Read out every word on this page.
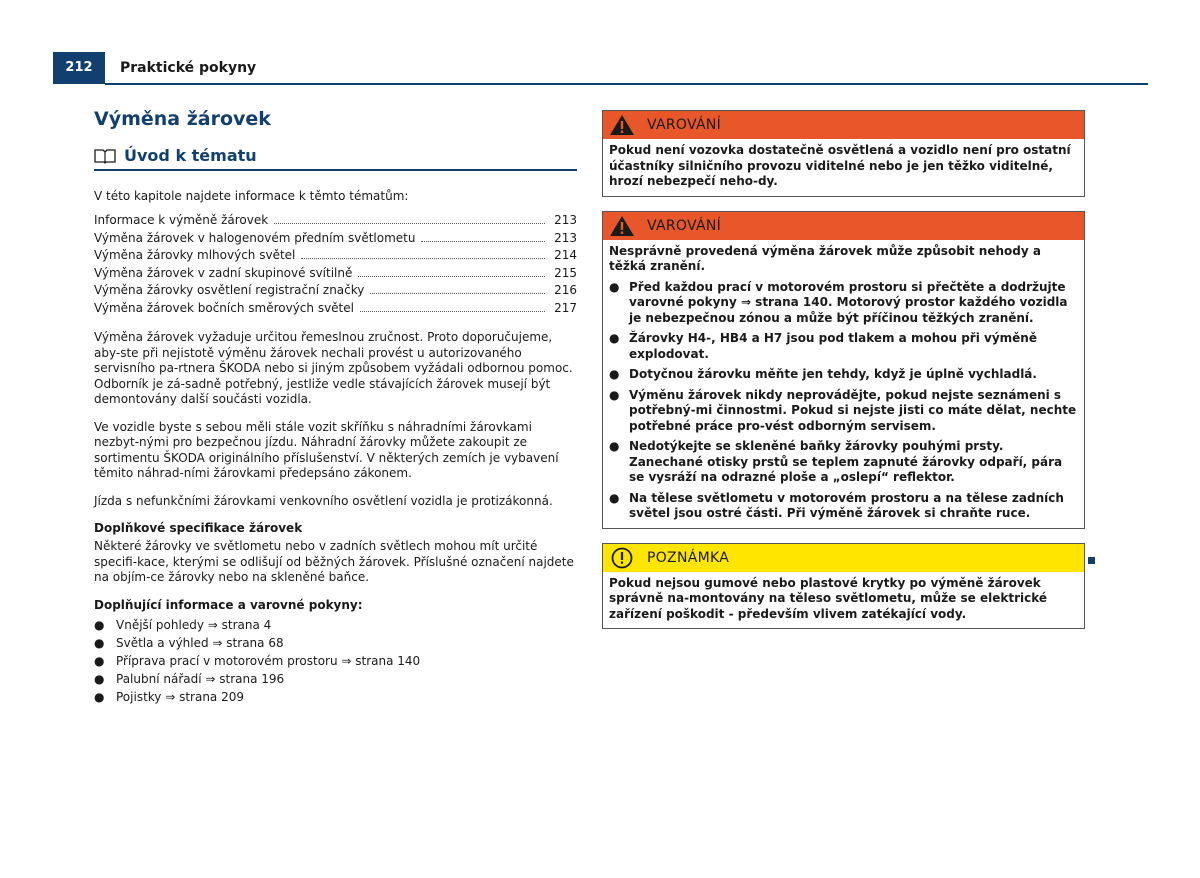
212	Praktické pokyny
Výměna žárovek
Úvod k tématu
V této kapitole najdete informace k těmto tématům:
Informace k výměně žárovek	213
Výměna žárovek v halogenovém předním světlometu	213
Výměna žárovky mlhových světel	214
Výměna žárovek v zadní skupinové svítilně	215
Výměna žárovky osvětlení registrační značky	216
Výměna žárovek bočních směrových světel	217

Výměna žárovek vyžaduje určitou řemeslnou zručnost. Proto doporučujeme, aby-ste při nejistotě výměnu žárovek nechali provést u autorizovaného servisního pa-rtnera ŠKODA nebo si jiným způsobem vyžádali odbornou pomoc. Odborník je zá-sadně potřebný, jestliže vedle stávajících žárovek musejí být demontovány další součásti vozidla.

Ve vozidle byste s sebou měli stále vozit skříňku s náhradními žárovkami nezbyt-nými pro bezpečnou jízdu. Náhradní žárovky můžete zakoupit ze sortimentu ŠKODA originálního příslušenství. V některých zemích je vybavení těmito náhrad-ními žárovkami předepsáno zákonem.

Jízda s nefunkčními žárovkami venkovního osvětlení vozidla je protizákonná.

Doplňkové specifikace žárovek

Některé žárovky ve světlometu nebo v zadních světlech mohou mít určité specifi-kace, kterými se odlišují od běžných žárovek. Příslušné označení najdete na objím-ce žárovky nebo na skleněné baňce.

Doplňující informace a varovné pokyny:
● Vnější pohledy ⇒ strana 4
● Světla a výhled ⇒ strana 68
● Příprava prací v motorovém prostoru ⇒ strana 140
● Palubní nářadí ⇒ strana 196
● Pojistky ⇒ strana 209
VAROVÁNÍ
Pokud není vozovka dostatečně osvětlená a vozidlo není pro ostatní účastníky silničního provozu viditelné nebo je jen těžko viditelné, hrozí nebezpečí neho-dy.
VAROVÁNÍ
Nesprávně provedená výměna žárovek může způsobit nehody a těžká zranění.
● Před každou prací v motorovém prostoru si přečtěte a dodržujte varovné pokyny ⇒ strana 140. Motorový prostor každého vozidla je nebezpečnou zónou a může být příčinou těžkých zranění.
● Žárovky H4-, HB4 a H7 jsou pod tlakem a mohou při výměně explodovat.
● Dotyčnou žárovku měňte jen tehdy, když je úplně vychladlá.
● Výměnu žárovek nikdy neprovádějte, pokud nejste seznámeni s potřebný-mi činnostmi. Pokud si nejste jisti co máte dělat, nechte potřebné práce pro-vést odborným servisem.
● Nedotýkejte se skleněné baňky žárovky pouhými prsty. Zanechané otisky prstů se teplem zapnuté žárovky odpaří, pára se vysráží na odrazné ploše a „oslepí“ reflektor.
● Na tělese světlometu v motorovém prostoru a na tělese zadních světel jsou ostré části. Při výměně žárovek si chraňte ruce.
POZNÁMKA
Pokud nejsou gumové nebo plastové krytky po výměně žárovek správně na-montovány na těleso světlometu, může se elektrické zařízení poškodit - především vlivem zatékající vody.
